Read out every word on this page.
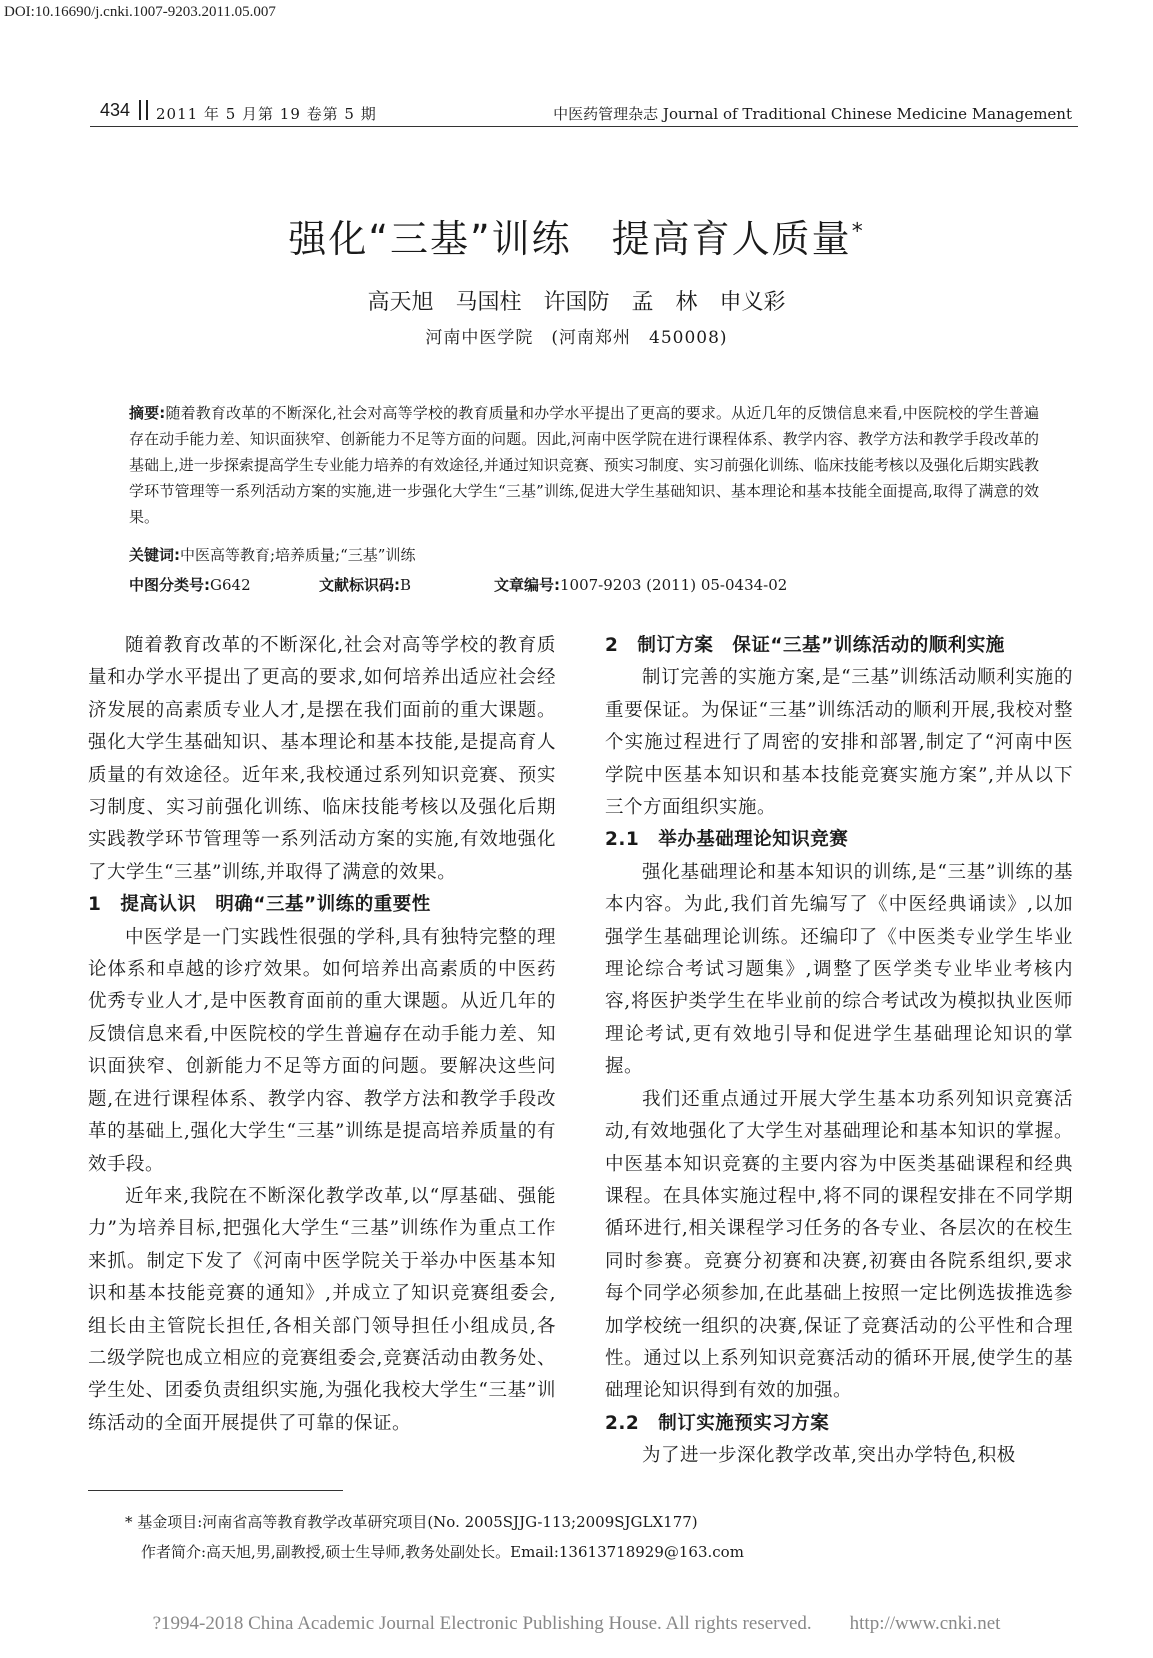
DOI:10.16690/j.cnki.1007-9203.2011.05.007
434 2011 年 5 月第 19 卷第 5 期	中医药管理杂志 Journal of Traditional Chinese Medicine Management
强化“三基”训练　提高育人质量*
高天旭　马国柱　许国防　孟　林　申义彩
河南中医学院　(河南郑州　450008)
摘要:随着教育改革的不断深化,社会对高等学校的教育质量和办学水平提出了更高的要求。从近几年的反馈信息来看,中医院校的学生普遍存在动手能力差、知识面狭窄、创新能力不足等方面的问题。因此,河南中医学院在进行课程体系、教学内容、教学方法和教学手段改革的基础上,进一步探索提高学生专业能力培养的有效途径,并通过知识竞赛、预实习制度、实习前强化训练、临床技能考核以及强化后期实践教学环节管理等一系列活动方案的实施,进一步强化大学生“三基”训练,促进大学生基础知识、基本理论和基本技能全面提高,取得了满意的效果。
关键词:中医高等教育;培养质量;“三基”训练
中图分类号:G642	文献标识码:B	文章编号:1007-9203 (2011) 05-0434-02

随着教育改革的不断深化,社会对高等学校的教育质量和办学水平提出了更高的要求,如何培养出适应社会经济发展的高素质专业人才,是摆在我们面前的重大课题。强化大学生基础知识、基本理论和基本技能,是提高育人质量的有效途径。近年来,我校通过系列知识竞赛、预实习制度、实习前强化训练、临床技能考核以及强化后期实践教学环节管理等一系列活动方案的实施,有效地强化了大学生“三基”训练,并取得了满意的效果。

1　提高认识　明确“三基”训练的重要性

中医学是一门实践性很强的学科,具有独特完整的理论体系和卓越的诊疗效果。如何培养出高素质的中医药优秀专业人才,是中医教育面前的重大课题。从近几年的反馈信息来看,中医院校的学生普遍存在动手能力差、知识面狭窄、创新能力不足等方面的问题。要解决这些问题,在进行课程体系、教学内容、教学方法和教学手段改革的基础上,强化大学生“三基”训练是提高培养质量的有效手段。

近年来,我院在不断深化教学改革,以“厚基础、强能力”为培养目标,把强化大学生“三基”训练作为重点工作来抓。制定下发了《河南中医学院关于举办中医基本知识和基本技能竞赛的通知》,并成立了知识竞赛组委会,组长由主管院长担任,各相关部门领导担任小组成员,各二级学院也成立相应的竞赛组委会,竞赛活动由教务处、学生处、团委负责组织实施,为强化我校大学生“三基”训练活动的全面开展提供了可靠的保证。

2　制订方案　保证“三基”训练活动的顺利实施

制订完善的实施方案,是“三基”训练活动顺利实施的重要保证。为保证“三基”训练活动的顺利开展,我校对整个实施过程进行了周密的安排和部署,制定了“河南中医学院中医基本知识和基本技能竞赛实施方案”,并从以下三个方面组织实施。

2.1　举办基础理论知识竞赛

强化基础理论和基本知识的训练,是“三基”训练的基本内容。为此,我们首先编写了《中医经典诵读》,以加强学生基础理论训练。还编印了《中医类专业学生毕业理论综合考试习题集》,调整了医学类专业毕业考核内容,将医护类学生在毕业前的综合考试改为模拟执业医师理论考试,更有效地引导和促进学生基础理论知识的掌握。

我们还重点通过开展大学生基本功系列知识竞赛活动,有效地强化了大学生对基础理论和基本知识的掌握。中医基本知识竞赛的主要内容为中医类基础课程和经典课程。在具体实施过程中,将不同的课程安排在不同学期循环进行,相关课程学习任务的各专业、各层次的在校生同时参赛。竞赛分初赛和决赛,初赛由各院系组织,要求每个同学必须参加,在此基础上按照一定比例选拔推选参加学校统一组织的决赛,保证了竞赛活动的公平性和合理性。通过以上系列知识竞赛活动的循环开展,使学生的基础理论知识得到有效的加强。

2.2　制订实施预实习方案

为了进一步深化教学改革,突出办学特色,积极

* 基金项目:河南省高等教育教学改革研究项目(No. 2005SJJG-113;2009SJGLX177)
作者简介:高天旭,男,副教授,硕士生导师,教务处副处长。Email:13613718929@163.com
?1994-2018 China Academic Journal Electronic Publishing House. All rights reserved.　　http://www.cnki.net
